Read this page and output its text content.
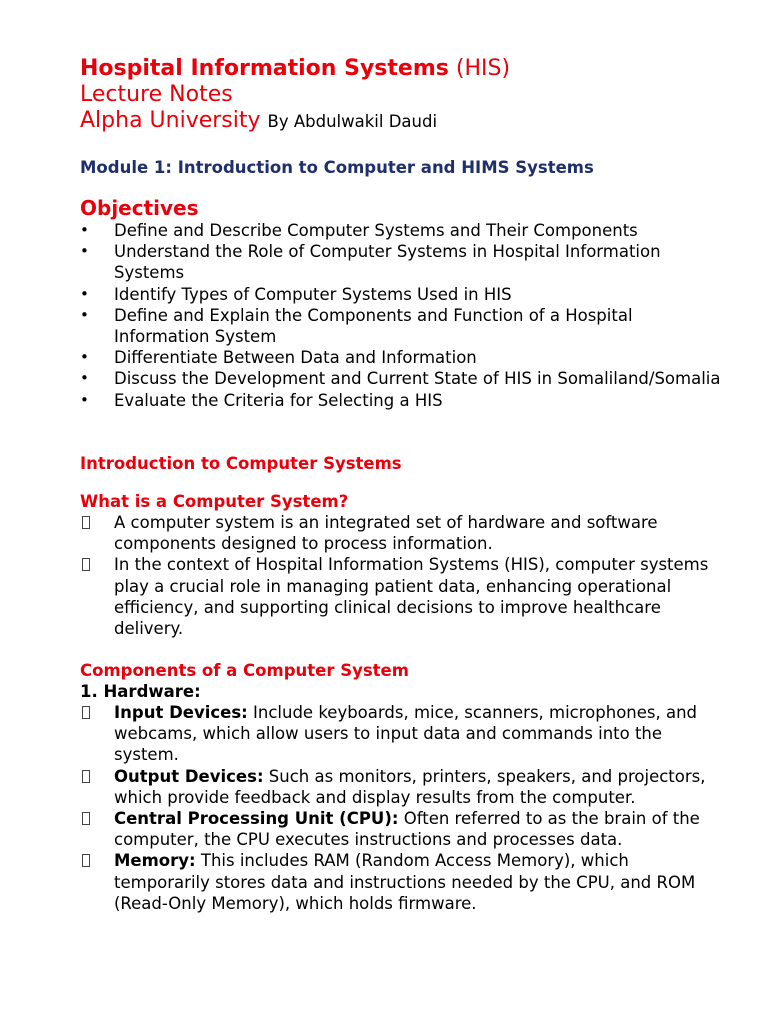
Hospital Information Systems (HIS)
Lecture Notes
Alpha University By Abdulwakil Daudi
Module 1: Introduction to Computer and HIMS Systems
Objectives
•	Define and Describe Computer Systems and Their Components
•	Understand the Role of Computer Systems in Hospital Information Systems
•	Identify Types of Computer Systems Used in HIS
•	Define and Explain the Components and Function of a Hospital Information System
•	Differentiate Between Data and Information
•	Discuss the Development and Current State of HIS in Somaliland/Somalia
•	Evaluate the Criteria for Selecting a HIS
Introduction to Computer Systems
What is a Computer System?
A computer system is an integrated set of hardware and software components designed to process information.
In the context of Hospital Information Systems (HIS), computer systems play a crucial role in managing patient data, enhancing operational efficiency, and supporting clinical decisions to improve healthcare delivery.
Components of a Computer System
1. Hardware:
Input Devices: Include keyboards, mice, scanners, microphones, and webcams, which allow users to input data and commands into the system.
Output Devices: Such as monitors, printers, speakers, and projectors, which provide feedback and display results from the computer.
Central Processing Unit (CPU): Often referred to as the brain of the computer, the CPU executes instructions and processes data.
Memory: This includes RAM (Random Access Memory), which temporarily stores data and instructions needed by the CPU, and ROM (Read-Only Memory), which holds firmware.
